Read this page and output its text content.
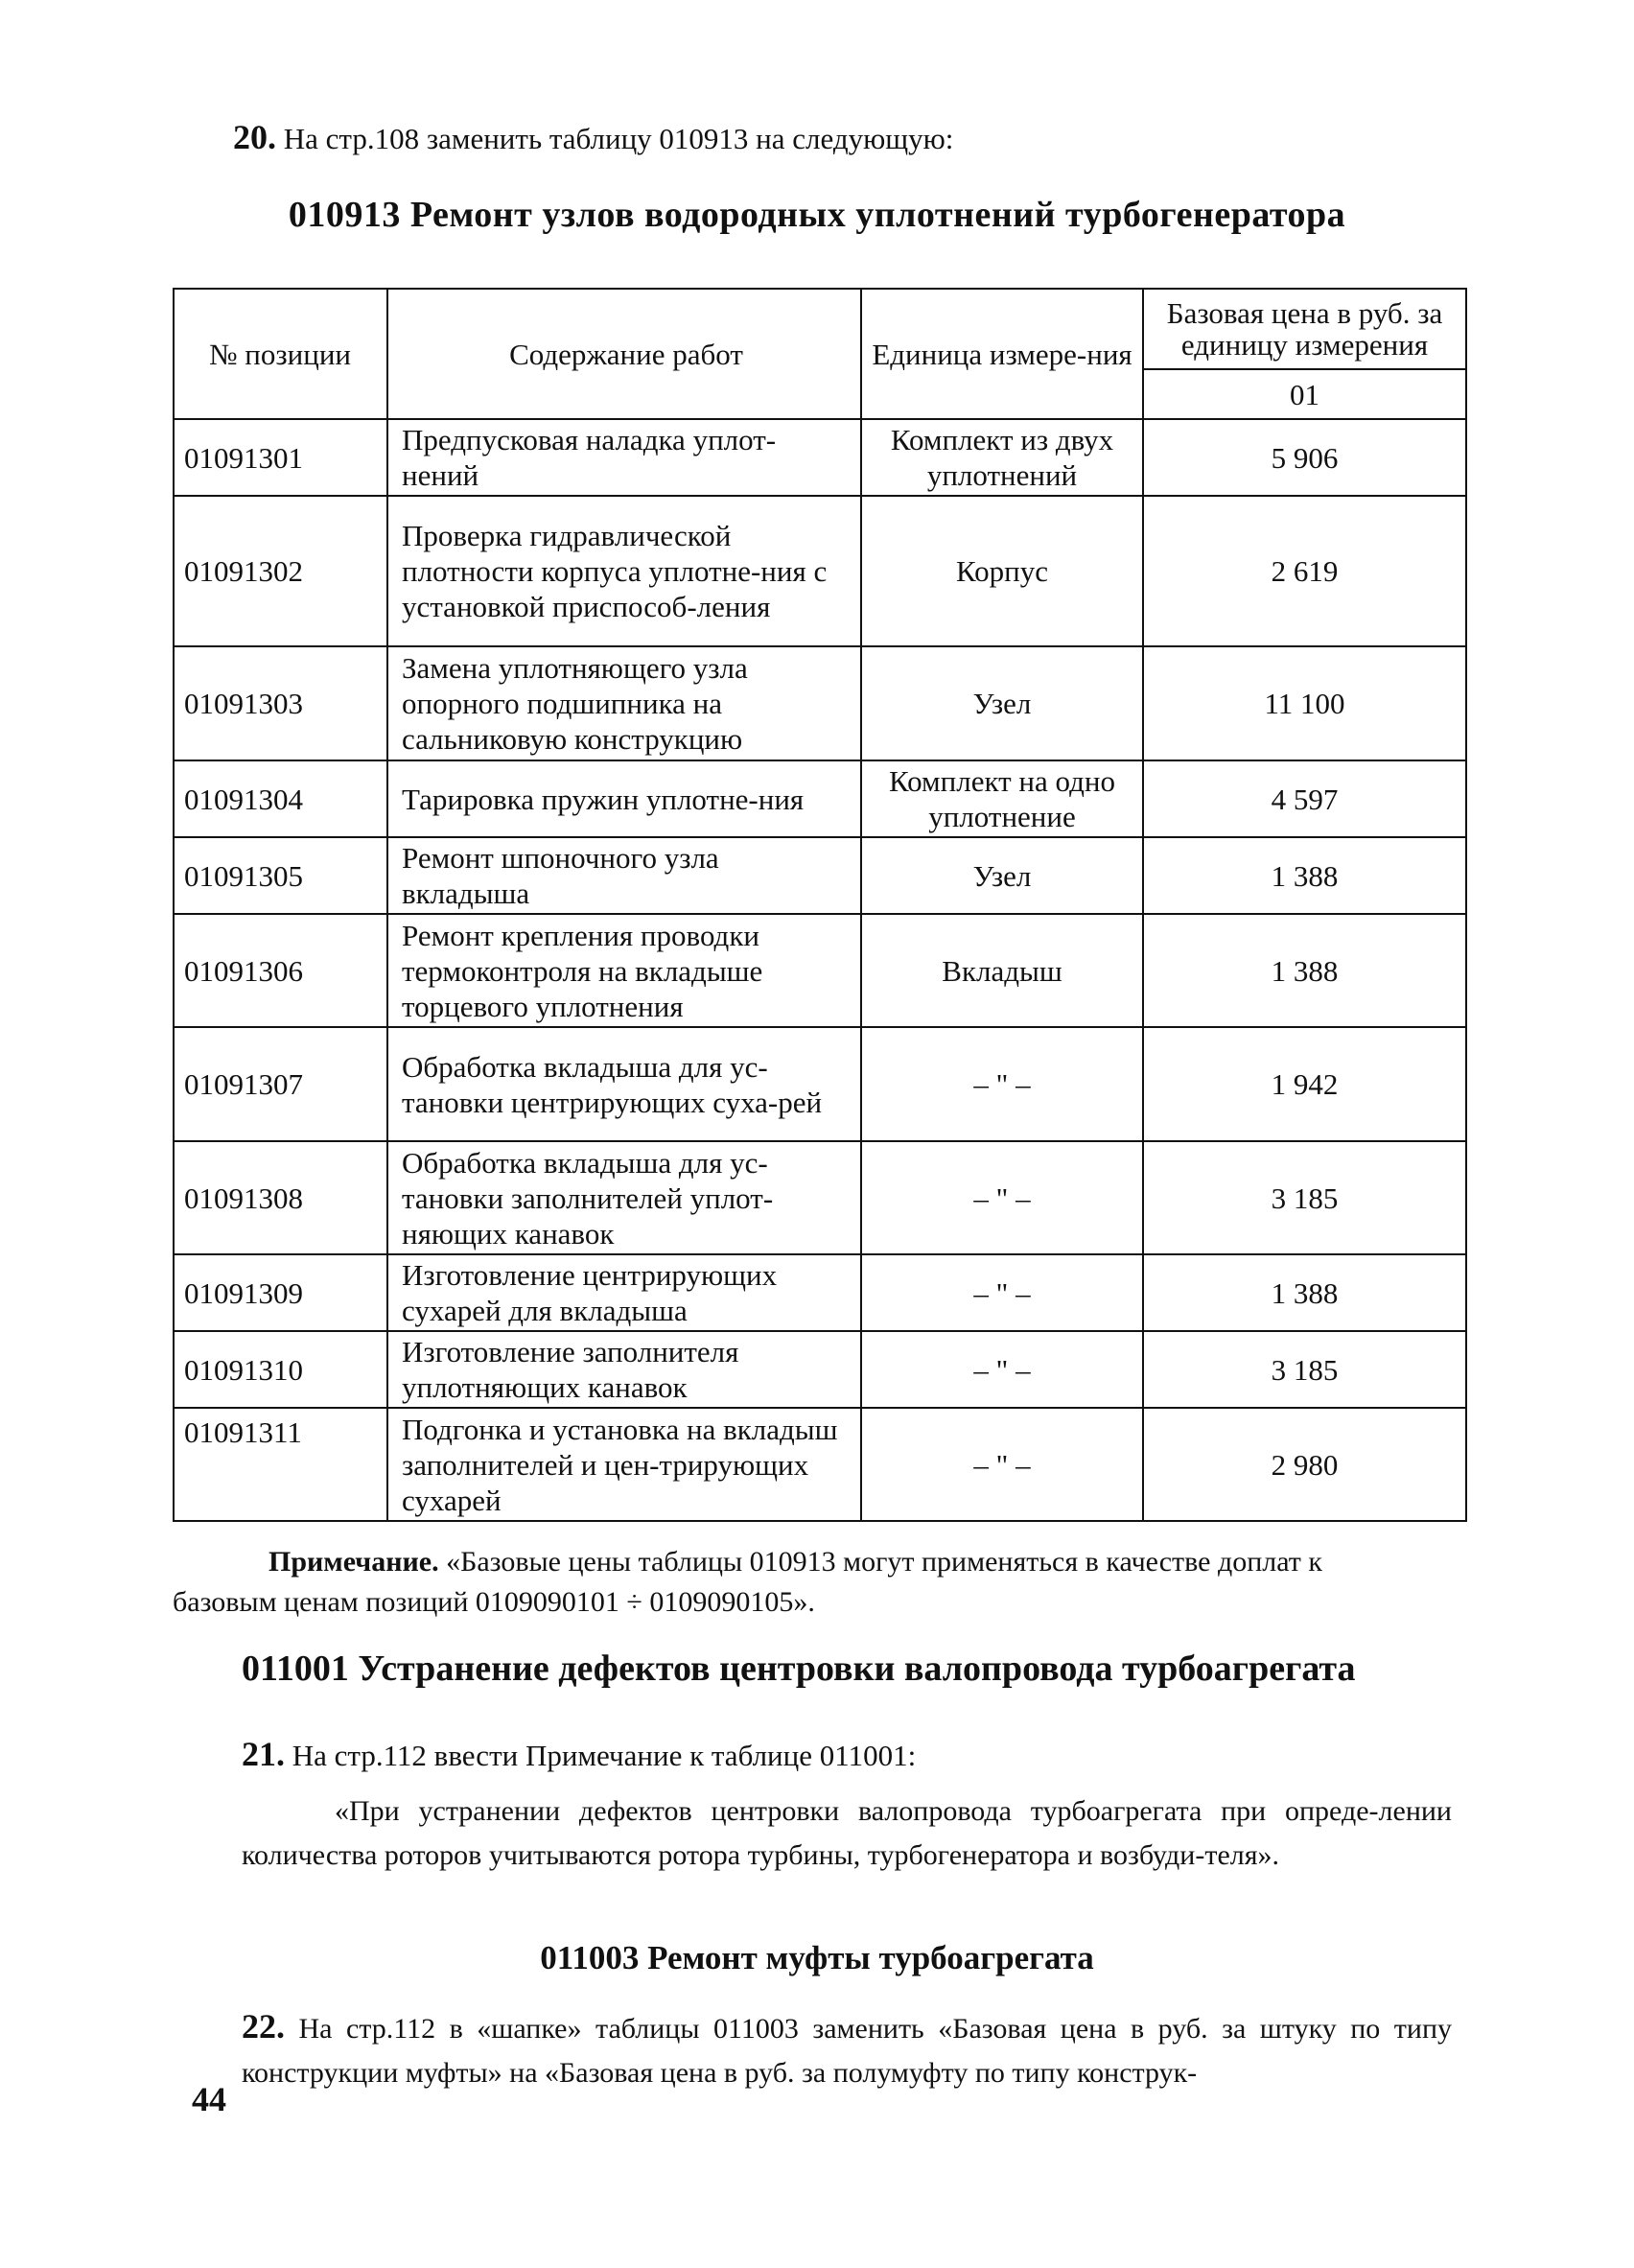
20. На стр.108 заменить таблицу 010913 на следующую:
010913 Ремонт узлов водородных уплотнений турбогенератора
№ позиции	Содержание работ	Единица измере-ния	Базовая цена в руб. за единицу измерения
			01
01091301	Предпусковая наладка уплот-нений	Комплект из двух уплотнений	5 906
01091302	Проверка гидравлической плотности корпуса уплотне-ния с установкой приспособ-ления	Корпус	2 619
01091303	Замена уплотняющего узла опорного подшипника на сальниковую конструкцию	Узел	11 100
01091304	Тарировка пружин уплотне-ния	Комплект на одно уплотнение	4 597
01091305	Ремонт шпоночного узла вкладыша	Узел	1 388
01091306	Ремонт крепления проводки термоконтроля на вкладыше торцевого уплотнения	Вкладыш	1 388
01091307	Обработка вкладыша для ус-тановки центрирующих суха-рей	– " –	1 942
01091308	Обработка вкладыша для ус-тановки заполнителей уплот-няющих канавок	– " –	3 185
01091309	Изготовление центрирующих сухарей для вкладыша	– " –	1 388
01091310	Изготовление заполнителя уплотняющих канавок	– " –	3 185
01091311	Подгонка и установка на вкладыш заполнителей и цен-трирующих сухарей	– " –	2 980
Примечание. «Базовые цены таблицы 010913 могут применяться в качестве доплат к базовым ценам позиций 0109090101 ÷ 0109090105».
011001 Устранение дефектов центровки валопровода турбоагрегата
21. На стр.112 ввести Примечание к таблице 011001:
«При устранении дефектов центровки валопровода турбоагрегата при опреде-лении количества роторов учитываются ротора турбины, турбогенератора и возбуди-теля».
011003 Ремонт муфты турбоагрегата
22. На стр.112 в «шапке» таблицы 011003 заменить «Базовая цена в руб. за штуку по типу конструкции муфты» на «Базовая цена в руб. за полумуфту по типу конструк-
44
